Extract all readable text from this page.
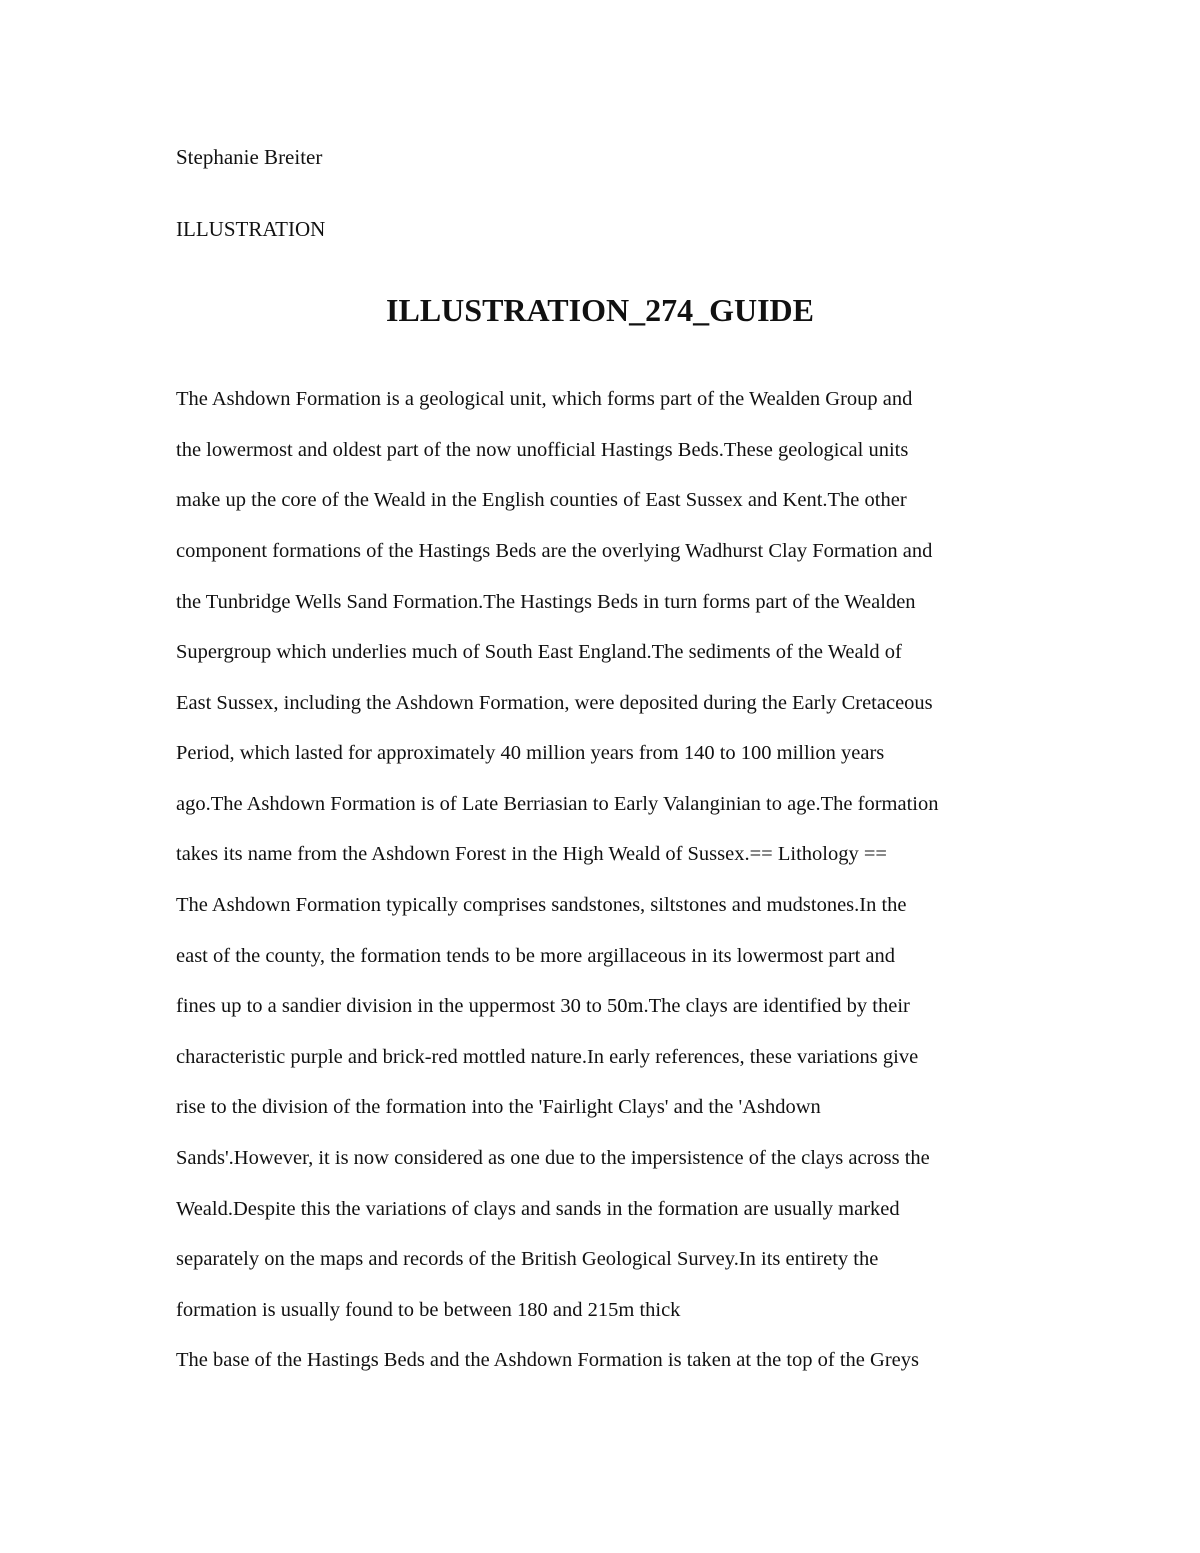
Stephanie Breiter
ILLUSTRATION
ILLUSTRATION_274_GUIDE
The Ashdown Formation is a geological unit, which forms part of the Wealden Group and
the lowermost and oldest part of the now unofficial Hastings Beds.These geological units
make up the core of the Weald in the English counties of East Sussex and Kent.The other
component formations of the Hastings Beds are the overlying Wadhurst Clay Formation and
the Tunbridge Wells Sand Formation.The Hastings Beds in turn forms part of the Wealden
Supergroup which underlies much of South East England.The sediments of the Weald of
East Sussex, including the Ashdown Formation, were deposited during the Early Cretaceous
Period, which lasted for approximately 40 million years from 140 to 100 million years
ago.The Ashdown Formation is of Late Berriasian to Early Valanginian to age.The formation
takes its name from the Ashdown Forest in the High Weald of Sussex.== Lithology ==
The Ashdown Formation typically comprises sandstones, siltstones and mudstones.In the
east of the county, the formation tends to be more argillaceous in its lowermost part and
fines up to a sandier division in the uppermost 30 to 50m.The clays are identified by their
characteristic purple and brick-red mottled nature.In early references, these variations give
rise to the division of the formation into the 'Fairlight Clays' and the 'Ashdown
Sands'.However, it is now considered as one due to the impersistence of the clays across the
Weald.Despite this the variations of clays and sands in the formation are usually marked
separately on the maps and records of the British Geological Survey.In its entirety the
formation is usually found to be between 180 and 215m thick
The base of the Hastings Beds and the Ashdown Formation is taken at the top of the Greys
